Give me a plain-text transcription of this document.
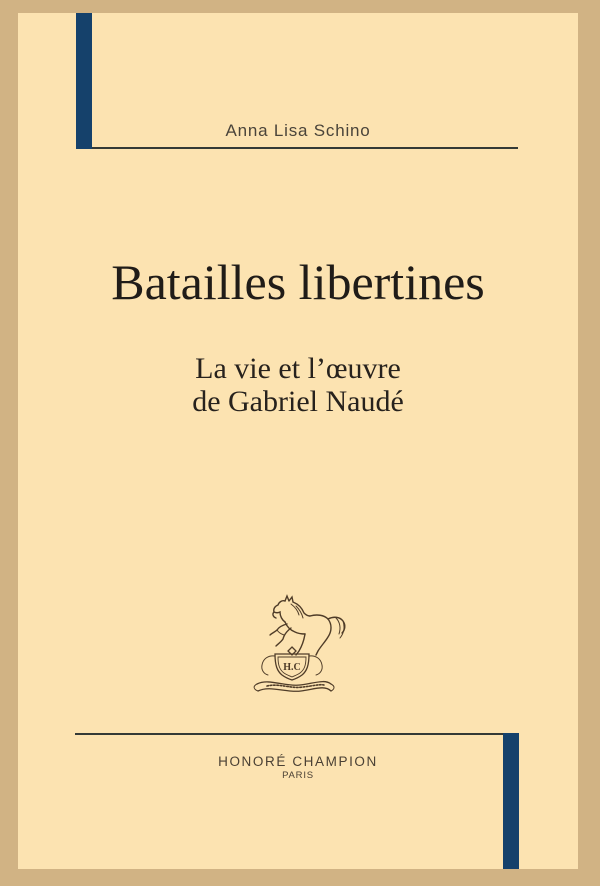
Anna Lisa Schino
Batailles libertines
La vie et l’œuvre
de Gabriel Naudé
H.C
HONORÉ CHAMPION
PARIS
